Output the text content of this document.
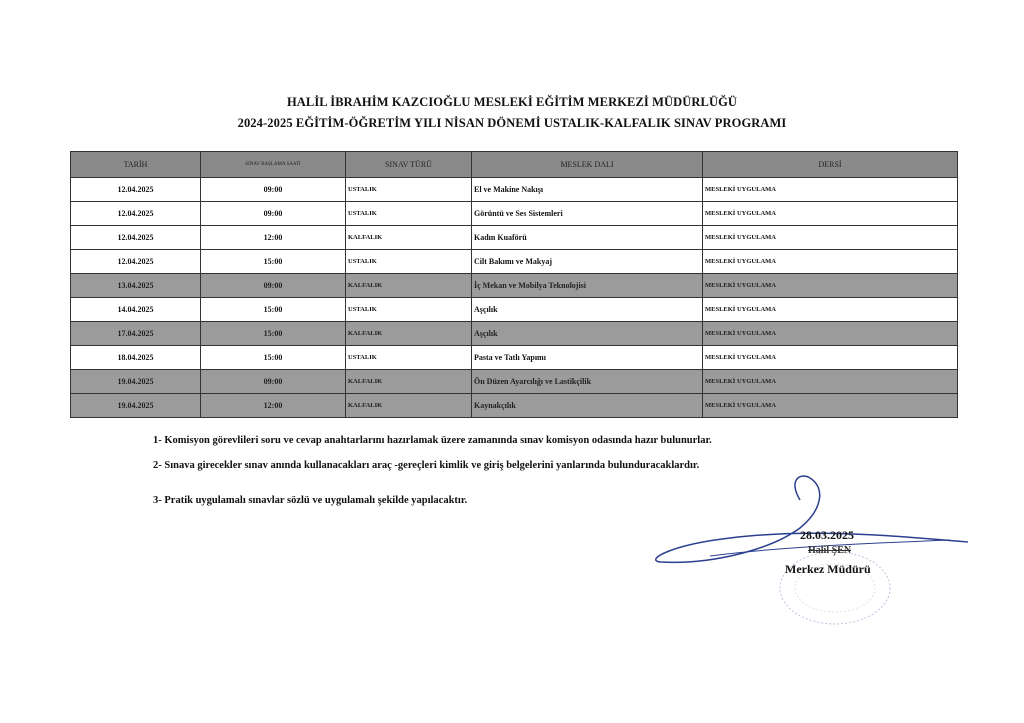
HALİL İBRAHİM KAZCIOĞLU MESLEKİ EĞİTİM MERKEZİ MÜDÜRLÜĞÜ
2024-2025 EĞİTİM-ÖĞRETİM YILI NİSAN DÖNEMİ USTALIK-KALFALIK SINAV PROGRAMI
TARİH	SINAV BAŞLAMA SAATİ	SINAV TÜRÜ	MESLEK DALI	DERSİ
12.04.2025	09:00	USTALIK	El ve Makine Nakışı	MESLEKİ UYGULAMA
12.04.2025	09:00	USTALIK	Görüntü ve Ses Sistemleri	MESLEKİ UYGULAMA
12.04.2025	12:00	KALFALIK	Kadın Kuaförü	MESLEKİ UYGULAMA
12.04.2025	15:00	USTALIK	Cilt Bakımı ve Makyaj	MESLEKİ UYGULAMA
13.04.2025	09:00	KALFALIK	İç Mekan ve Mobilya Teknolojisi	MESLEKİ UYGULAMA
14.04.2025	15:00	USTALIK	Aşçılık	MESLEKİ UYGULAMA
17.04.2025	15:00	KALFALIK	Aşçılık	MESLEKİ UYGULAMA
18.04.2025	15:00	USTALIK	Pasta ve Tatlı Yapımı	MESLEKİ UYGULAMA
19.04.2025	09:00	KALFALIK	Ön Düzen Ayarcılığı ve Lastikçilik	MESLEKİ UYGULAMA
19.04.2025	12:00	KALFALIK	Kaynakçılık	MESLEKİ UYGULAMA
1- Komisyon görevlileri soru ve cevap anahtarlarını hazırlamak üzere zamanında sınav komisyon odasında hazır bulunurlar.
2- Sınava girecekler sınav anında kullanacakları araç -gereçleri kimlik ve giriş belgelerini yanlarında bulunduracaklardır.
3- Pratik uygulamalı sınavlar sözlü ve uygulamalı şekilde yapılacaktır.
28.03.2025
Halil ŞEN
Merkez Müdürü
